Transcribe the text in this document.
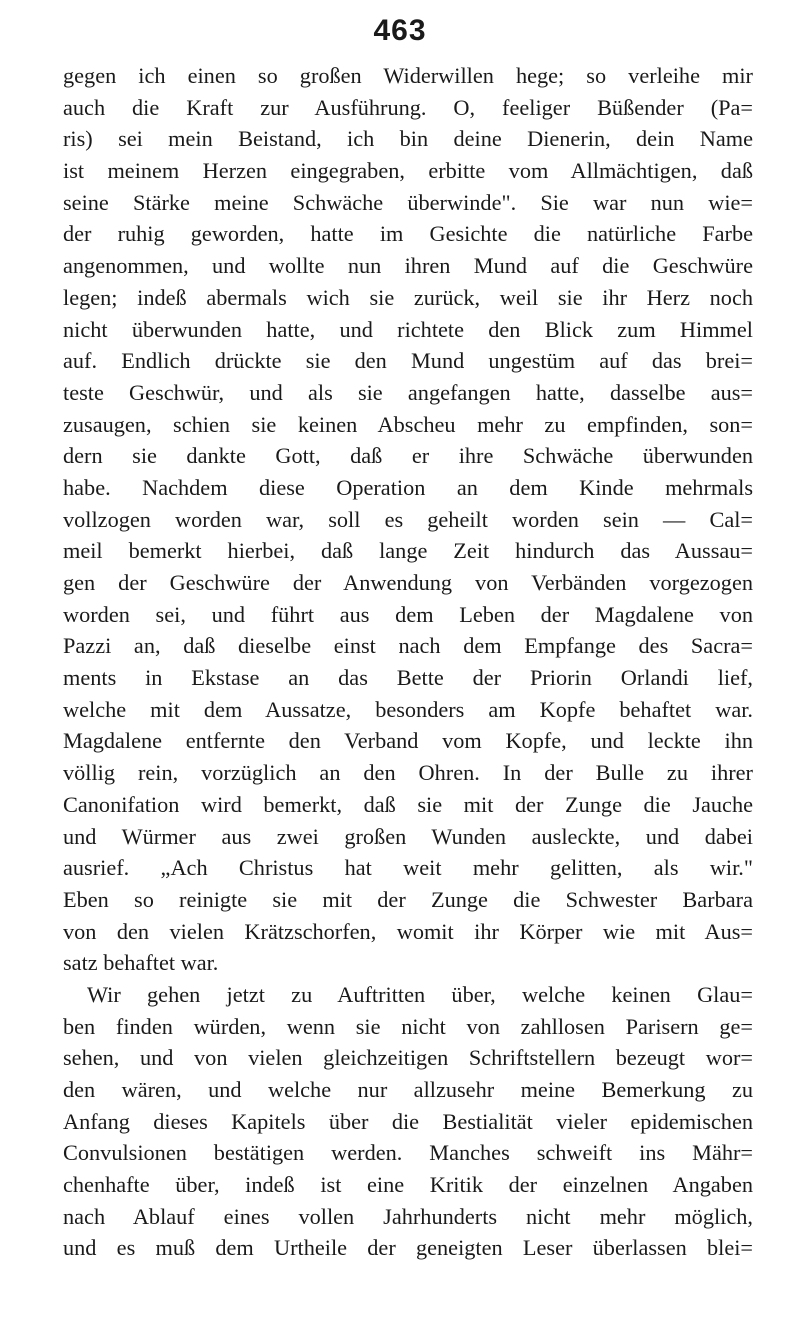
463
gegen ich einen so großen Widerwillen hege; so verleihe mir
auch die Kraft zur Ausführung. O, feeliger Büßender (Pa=
ris) sei mein Beistand, ich bin deine Dienerin, dein Name
ist meinem Herzen eingegraben, erbitte vom Allmächtigen, daß
seine Stärke meine Schwäche überwinde". Sie war nun wie=
der ruhig geworden, hatte im Gesichte die natürliche Farbe
angenommen, und wollte nun ihren Mund auf die Geschwüre
legen; indeß abermals wich sie zurück, weil sie ihr Herz noch
nicht überwunden hatte, und richtete den Blick zum Himmel
auf. Endlich drückte sie den Mund ungestüm auf das brei=
teste Geschwür, und als sie angefangen hatte, dasselbe aus=
zusaugen, schien sie keinen Abscheu mehr zu empfinden, son=
dern sie dankte Gott, daß er ihre Schwäche überwunden
habe. Nachdem diese Operation an dem Kinde mehrmals
vollzogen worden war, soll es geheilt worden sein — Cal=
meil bemerkt hierbei, daß lange Zeit hindurch das Aussau=
gen der Geschwüre der Anwendung von Verbänden vorgezogen
worden sei, und führt aus dem Leben der Magdalene von
Pazzi an, daß dieselbe einst nach dem Empfange des Sacra=
ments in Ekstase an das Bette der Priorin Orlandi lief,
welche mit dem Aussatze, besonders am Kopfe behaftet war.
Magdalene entfernte den Verband vom Kopfe, und leckte ihn
völlig rein, vorzüglich an den Ohren. In der Bulle zu ihrer
Canonifation wird bemerkt, daß sie mit der Zunge die Jauche
und Würmer aus zwei großen Wunden ausleckte, und dabei
ausrief. „Ach Christus hat weit mehr gelitten, als wir."
Eben so reinigte sie mit der Zunge die Schwester Barbara
von den vielen Krätzschorfen, womit ihr Körper wie mit Aus=
satz behaftet war.
Wir gehen jetzt zu Auftritten über, welche keinen Glau=
ben finden würden, wenn sie nicht von zahllosen Parisern ge=
sehen, und von vielen gleichzeitigen Schriftstellern bezeugt wor=
den wären, und welche nur allzusehr meine Bemerkung zu
Anfang dieses Kapitels über die Bestialität vieler epidemischen
Convulsionen bestätigen werden. Manches schweift ins Mähr=
chenhafte über, indeß ist eine Kritik der einzelnen Angaben
nach Ablauf eines vollen Jahrhunderts nicht mehr möglich,
und es muß dem Urtheile der geneigten Leser überlassen blei=
